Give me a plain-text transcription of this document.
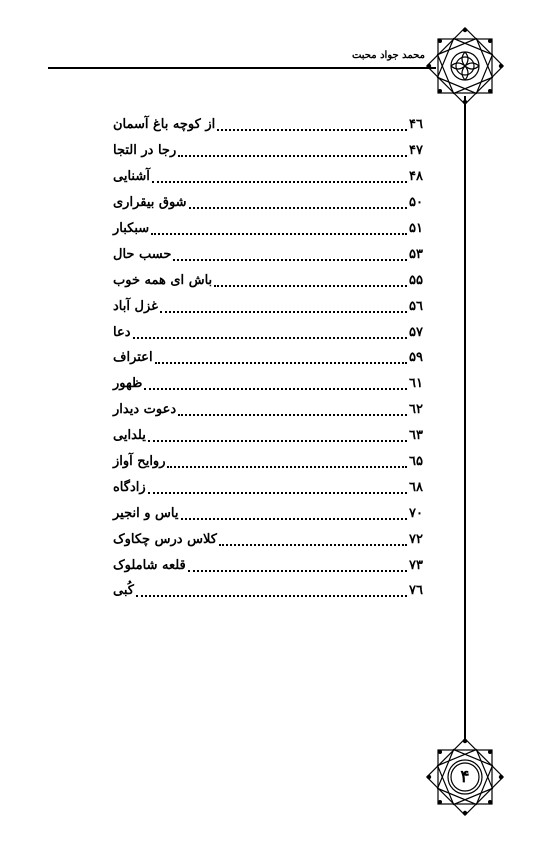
محمد جواد محبت
از کوچه باغ آسمان	۴٦
رجا در التجا	۴۷
آشنایی	۴۸
شوق بیقراری	۵۰
سبکبار	۵۱
حسب حال	۵۳
باش ای همه خوب	۵۵
غزل آباد	۵٦
دعا	۵۷
اعتراف	۵۹
ظهور	٦۱
دعوت دیدار	٦۲
یلدایی	٦۳
روایح آواز	٦۵
زادگاه	٦۸
یاس و انجیر	۷۰
کلاس درس چکاوک	۷۲
قلعه شاملوک	۷۳
کُبی	۷٦
۴
